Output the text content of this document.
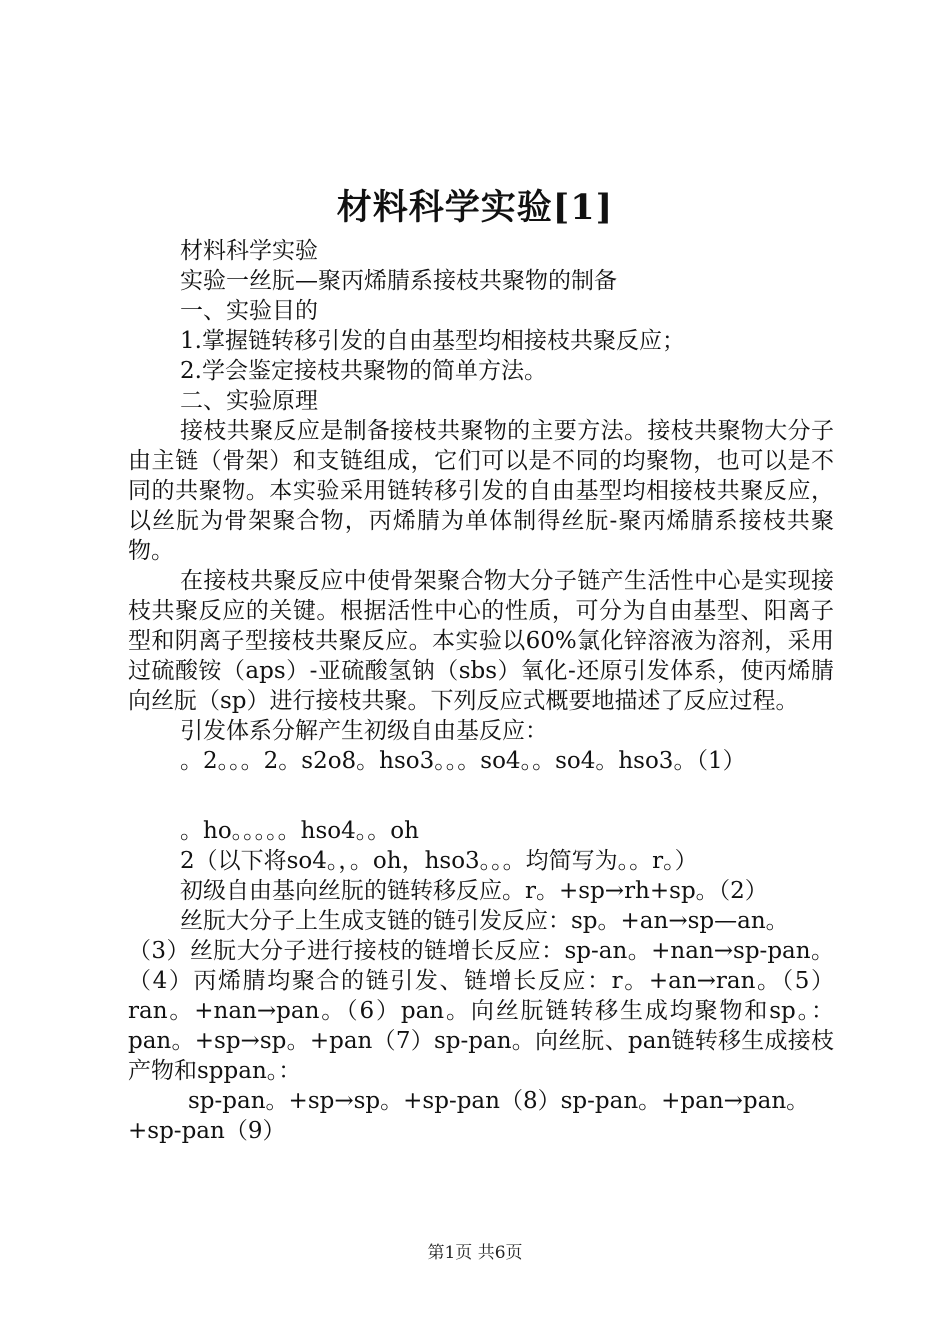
材料科学实验[1]
材料科学实验
实验一丝朊—聚丙烯腈系接枝共聚物的制备
一、实验目的
1.掌握链转移引发的自由基型均相接枝共聚反应；
2.学会鉴定接枝共聚物的简单方法。
二、实验原理
接枝共聚反应是制备接枝共聚物的主要方法。接枝共聚物大分子由主链（骨架）和支链组成，它们可以是不同的均聚物，也可以是不同的共聚物。本实验采用链转移引发的自由基型均相接枝共聚反应，以丝朊为骨架聚合物，丙烯腈为单体制得丝朊-聚丙烯腈系接枝共聚物。
在接枝共聚反应中使骨架聚合物大分子链产生活性中心是实现接枝共聚反应的关键。根据活性中心的性质，可分为自由基型、阳离子型和阴离子型接枝共聚反应。本实验以60%氯化锌溶液为溶剂，采用过硫酸铵（aps）-亚硫酸氢钠（sbs）氧化-还原引发体系，使丙烯腈向丝朊（sp）进行接枝共聚。下列反应式概要地描述了反应过程。
引发体系分解产生初级自由基反应：
。2。。。2。s2o8。hso3。。。so4。。so4。hso3。（1）
。ho。。。。。hso4。。oh
2（以下将so4。，。oh，hso3。。。均简写为。。r。）
初级自由基向丝朊的链转移反应。r。+sp→rh+sp。（2）
丝朊大分子上生成支链的链引发反应：sp。+an→sp—an。
（3）丝朊大分子进行接枝的链增长反应：sp-an。+nan→sp-pan。（4）丙烯腈均聚合的链引发、链增长反应：r。+an→ran。（5）ran。+nan→pan。（6）pan。向丝朊链转移生成均聚物和sp。：pan。+sp→sp。+pan（7）sp-pan。向丝朊、pan链转移生成接枝产物和sppan。：
sp-pan。+sp→sp。+sp-pan（8）sp-pan。+pan→pan。
+sp-pan（9）
第1页 共6页
